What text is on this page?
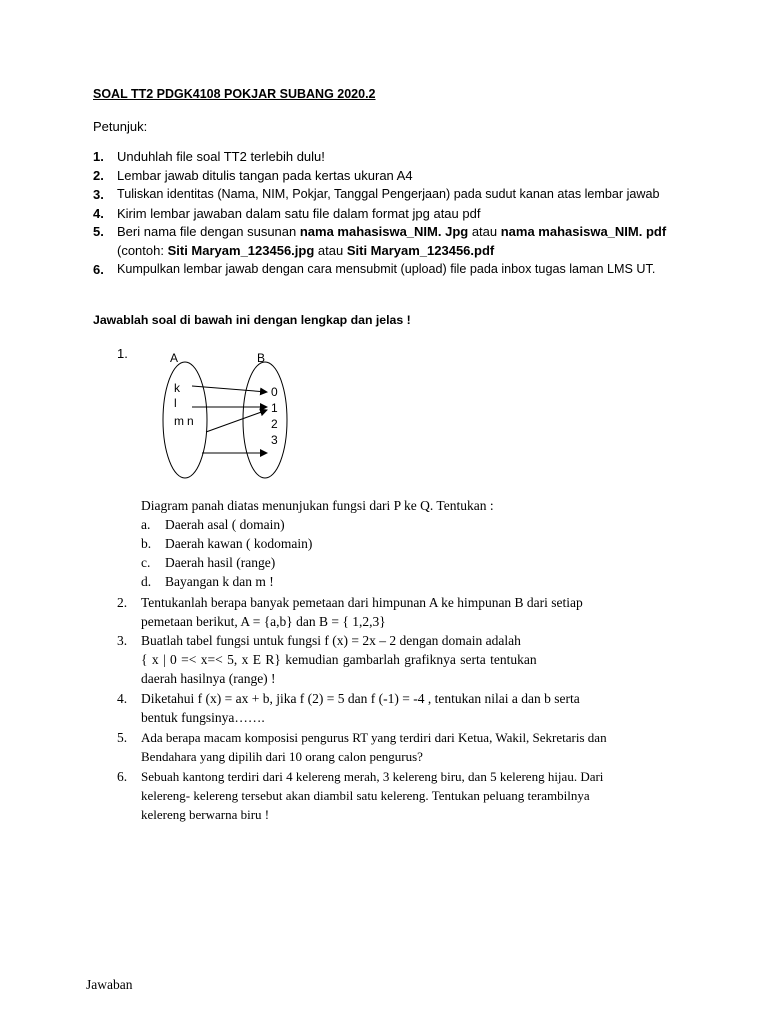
SOAL TT2 PDGK4108 POKJAR SUBANG 2020.2
Petunjuk:
1. Unduhlah file soal TT2 terlebih dulu!
2. Lembar jawab ditulis tangan pada kertas ukuran A4
3. Tuliskan identitas (Nama, NIM, Pokjar, Tanggal Pengerjaan) pada sudut kanan atas lembar jawab
4. Kirim lembar jawaban dalam satu file dalam format jpg atau pdf
5. Beri nama file dengan susunan nama mahasiswa_NIM. Jpg atau nama mahasiswa_NIM. pdf
(contoh: Siti Maryam_123456.jpg atau Siti Maryam_123456.pdf
6. Kumpulkan lembar jawab dengan cara mensubmit (upload) file pada inbox tugas laman LMS UT.
Jawablah soal di bawah ini dengan lengkap dan jelas !
1.	A	B
k
l
m n
0
1
2
3
Diagram panah diatas menunjukan fungsi dari P ke Q. Tentukan :
a. Daerah asal ( domain)
b. Daerah kawan ( kodomain)
c. Daerah hasil (range)
d. Bayangan k dan m !
2. Tentukanlah berapa banyak pemetaan dari himpunan A ke himpunan B dari setiap
pemetaan berikut, A = {a,b} dan B = { 1,2,3}
3. Buatlah tabel fungsi untuk fungsi f (x) = 2x – 2 dengan domain adalah
{ x | 0 =< x=< 5, x E R} kemudian gambarlah grafiknya serta tentukan
daerah hasilnya (range) !
4. Diketahui f (x) = ax + b, jika f (2) = 5 dan f (-1) = -4 , tentukan nilai a dan b serta
bentuk fungsinya…….
5. Ada berapa macam komposisi pengurus RT yang terdiri dari Ketua, Wakil, Sekretaris dan
Bendahara yang dipilih dari 10 orang calon pengurus?
6. Sebuah kantong terdiri dari 4 kelereng merah, 3 kelereng biru, dan 5 kelereng hijau. Dari
kelereng- kelereng tersebut akan diambil satu kelereng. Tentukan peluang terambilnya
kelereng berwarna biru !
Jawaban
